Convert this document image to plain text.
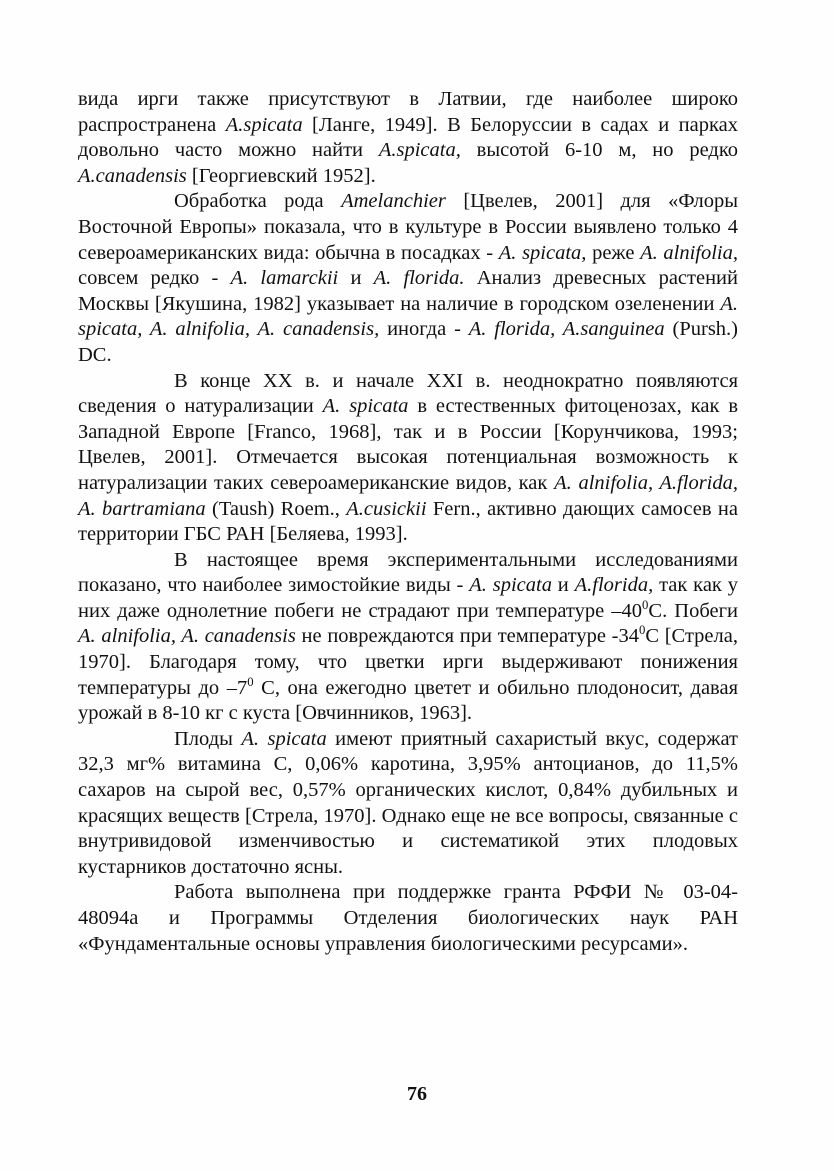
вида ирги также присутствуют в Латвии, где наиболее широко распространена A.spicata [Ланге, 1949]. В Белоруссии в садах и парках довольно часто можно найти A.spicata, высотой 6-10 м, но редко A.canadensis [Георгиевский 1952].

Обработка рода Amelanchier [Цвелев, 2001] для «Флоры Восточной Европы» показала, что в культуре в России выявлено только 4 североамериканских вида: обычна в посадках - A. spicata, реже A. alnifolia, совсем редко - A. lamarckii и A. florida. Анализ древесных растений Москвы [Якушина, 1982] указывает на наличие в городском озеленении A. spicata, A. alnifolia, A. canadensis, иногда - A. florida, A.sanguinea (Pursh.) DC.

В конце XX в. и начале XXI в. неоднократно появляются сведения о натурализации A. spicata в естественных фитоценозах, как в Западной Европе [Franco, 1968], так и в России [Корунчикова, 1993; Цвелев, 2001]. Отмечается высокая потенциальная возможность к натурализации таких североамериканские видов, как A. alnifolia, A.florida, A. bartramiana (Taush) Roem., A.cusickii Fern., активно дающих самосев на территории ГБС РАН [Беляева, 1993].

В настоящее время экспериментальными исследованиями показано, что наиболее зимостойкие виды - A. spicata и A.florida, так как у них даже однолетние побеги не страдают при температуре $-40^0С$. Побеги A. alnifolia, A. canadensis не повреждаются при температуре $-34^0С$ [Стрела, 1970]. Благодаря тому, что цветки ирги выдерживают понижения температуры до $-7^0$ С, она ежегодно цветет и обильно плодоносит, давая урожай в 8-10 кг с куста [Овчинников, 1963].

Плоды A. spicata имеют приятный сахаристый вкус, содержат 32,3 мг% витамина С, 0,06% каротина, 3,95% антоцианов, до 11,5% сахаров на сырой вес, 0,57% органических кислот, 0,84% дубильных и красящих веществ [Стрела, 1970]. Однако еще не все вопросы, связанные с внутривидовой изменчивостью и систематикой этих плодовых кустарников достаточно ясны.

Работа выполнена при поддержке гранта РФФИ № 03-04-48094а и Программы Отделения биологических наук РАН «Фундаментальные основы управления биологическими ресурсами».

76
